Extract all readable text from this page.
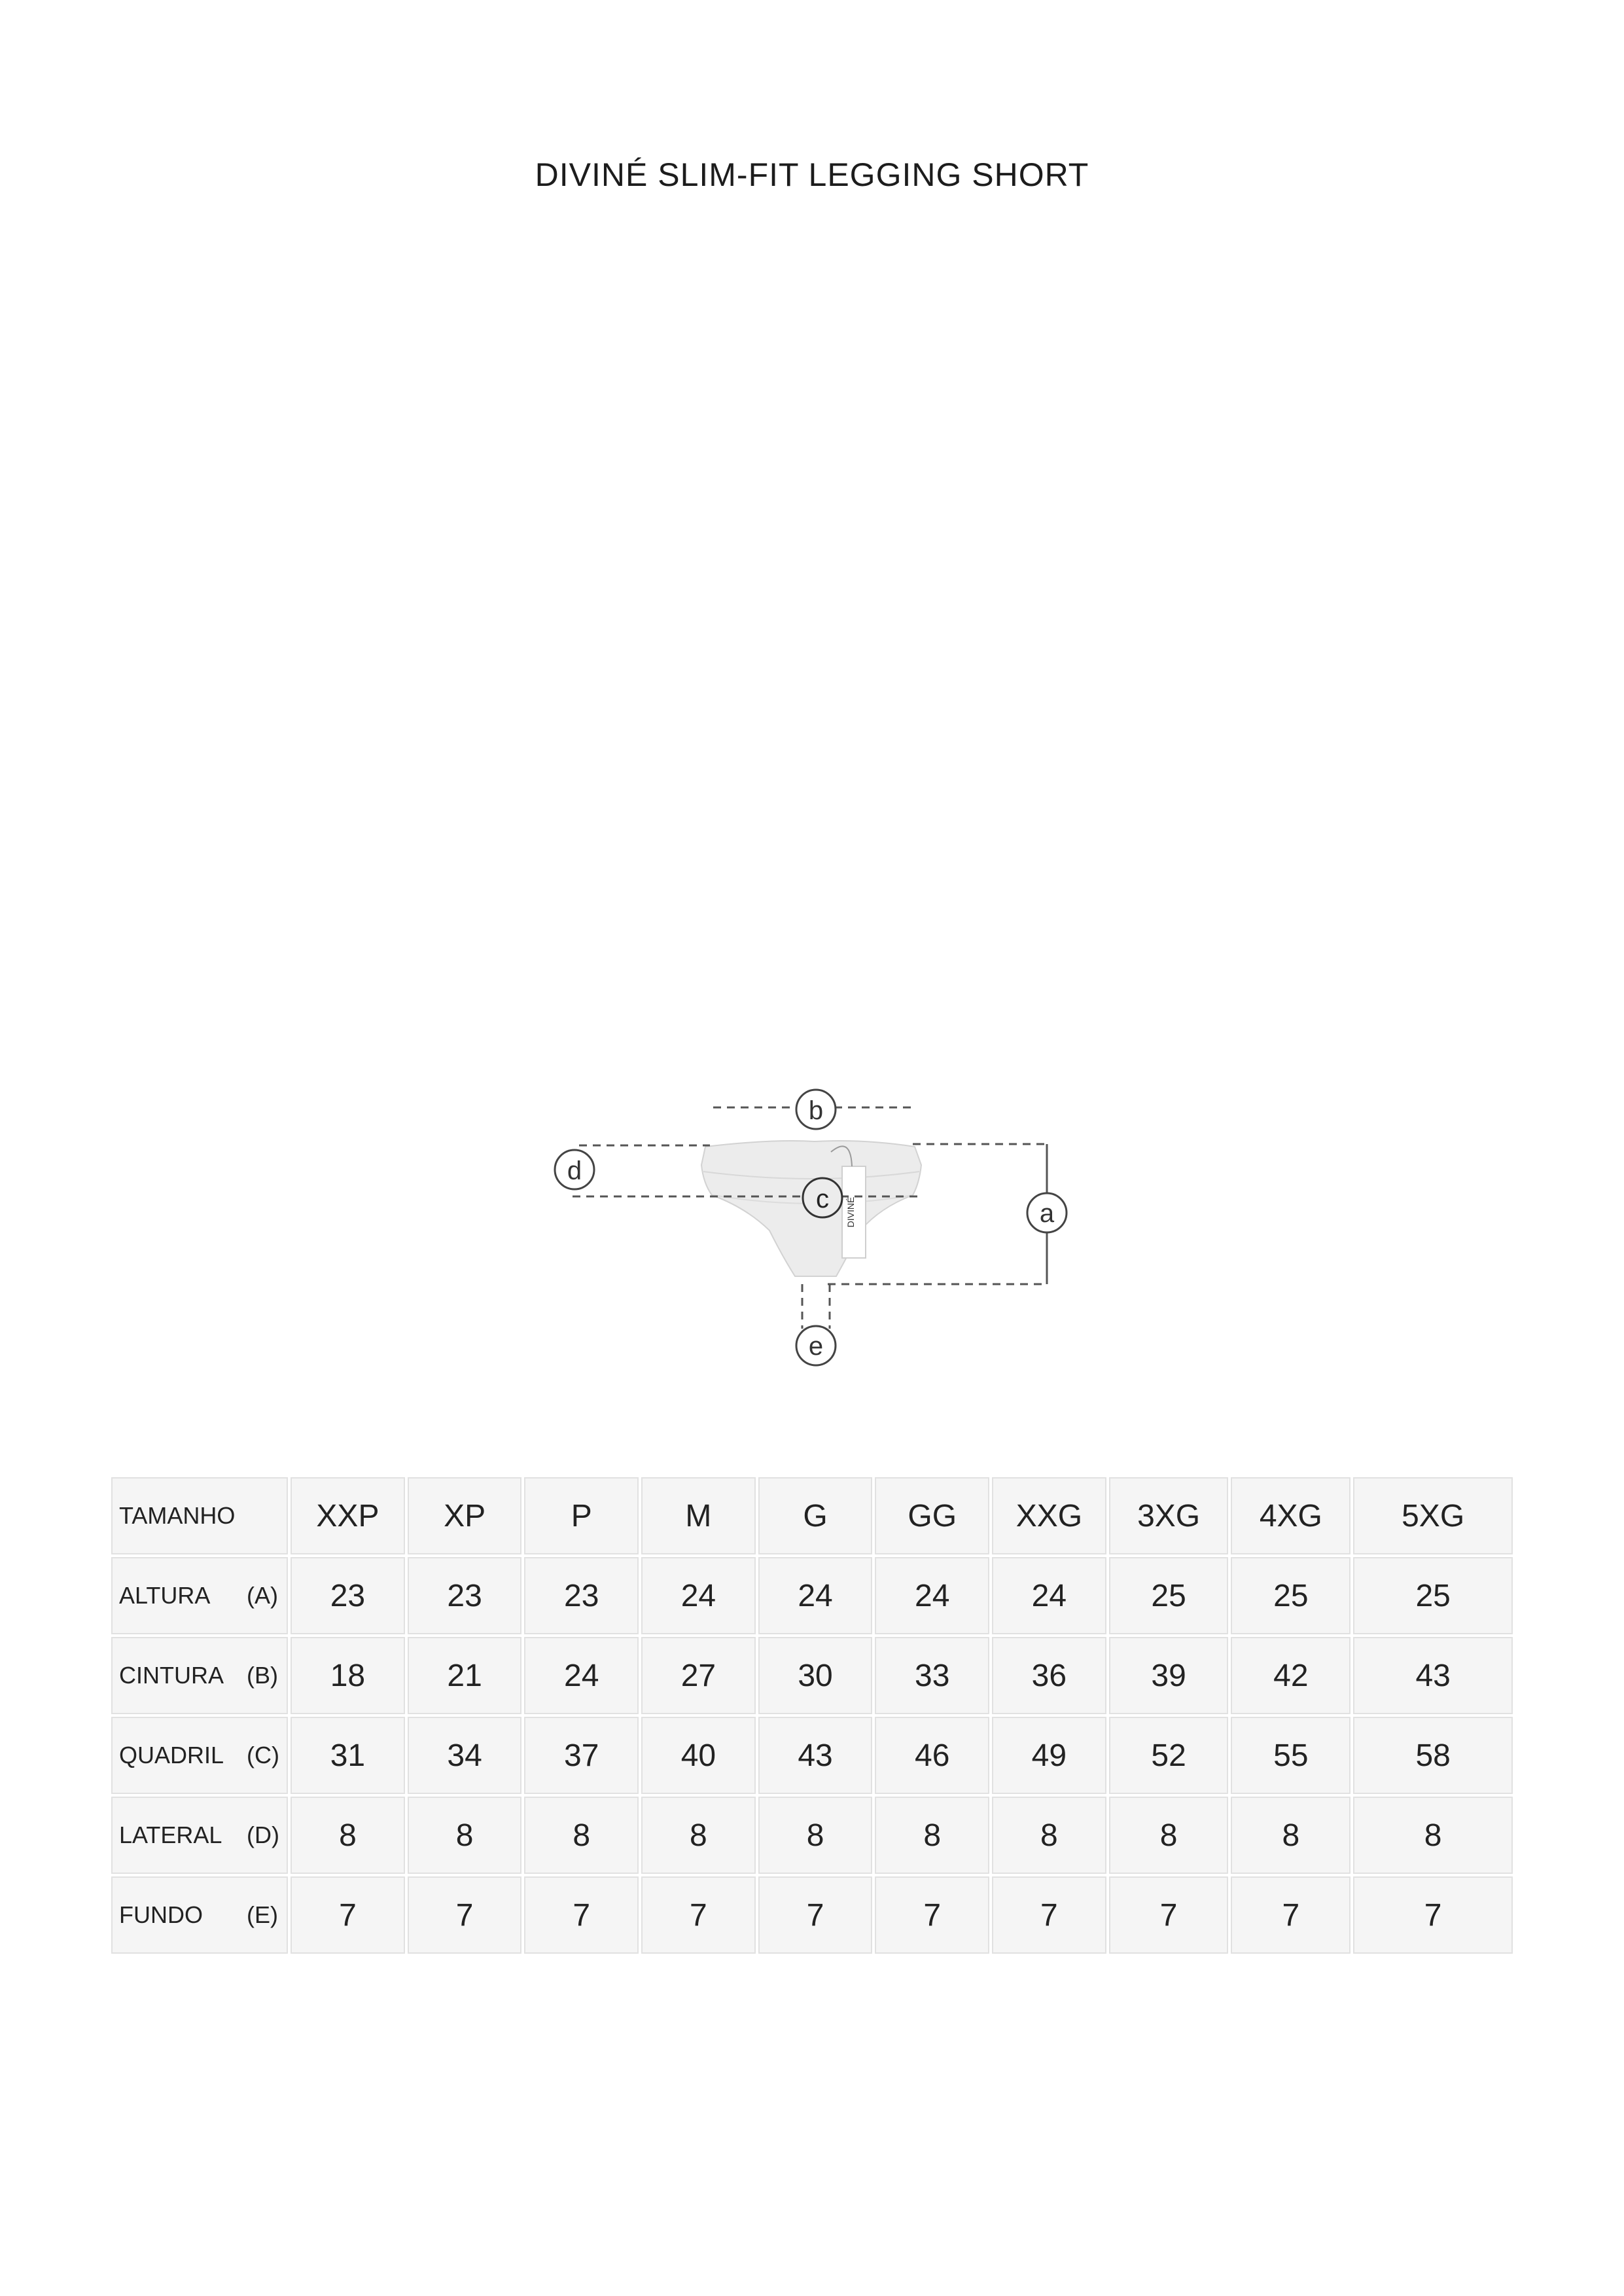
DIVINÉ SLIM-FIT LEGGING SHORT
DIVINÉ
b
d
c	a
e
TAMANHO	XXP	XP	P	M	G	GG	XXG	3XG	4XG	5XG
ALTURA (A)	23	23	23	24	24	24	24	25	25	25
CINTURA (B)	18	21	24	27	30	33	36	39	42	43
QUADRIL (C)	31	34	37	40	43	46	49	52	55	58
LATERAL (D)	8	8	8	8	8	8	8	8	8	8
FUNDO (E)	7	7	7	7	7	7	7	7	7	7
